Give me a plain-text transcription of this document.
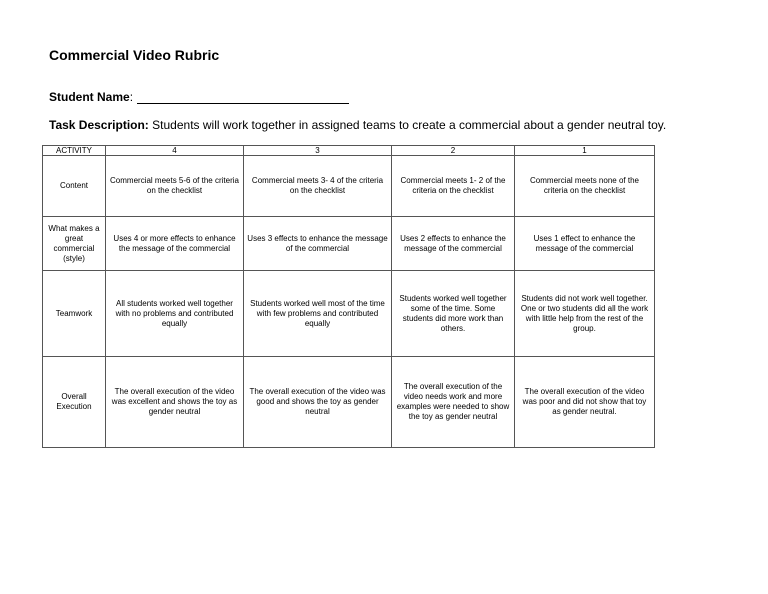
Commercial Video Rubric
Student Name:
Task Description: Students will work together in assigned teams to create a commercial about a gender neutral toy.
ACTIVITY	4	3	2	1
Content	Commercial meets 5-6 of the criteria on the checklist	Commercial meets 3- 4 of the criteria on the checklist	Commercial meets 1- 2 of the criteria on the checklist	Commercial meets none of the criteria on the checklist
What makes a great commercial (style)	Uses 4 or more effects to enhance the message of the commercial	Uses 3 effects to enhance the message of the commercial	Uses 2 effects to enhance the message of the commercial	Uses 1 effect to enhance the message of the commercial
Teamwork	All students worked well together with no problems and contributed equally	Students worked well most of the time with few problems and contributed equally	Students worked well together some of the time. Some students did more work than others.	Students did not work well together. One or two students did all the work with little help from the rest of the group.
Overall Execution	The overall execution of the video was excellent and shows the toy as gender neutral	The overall execution of the video was good and shows the toy as gender neutral	The overall execution of the video needs work and more examples were needed to show the toy as gender neutral	The overall execution of the video was poor and did not show that toy as gender neutral.
